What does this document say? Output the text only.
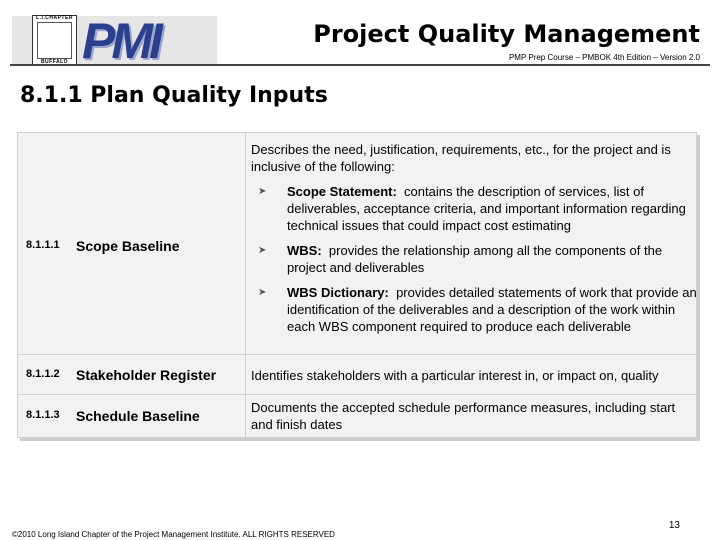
L.I.CHAPTER
BUFFALO PMI	Project Quality Management
PMP Prep Course – PMBOK 4th Edition – Version 2.0
8.1.1 Plan Quality Inputs
8.1.1.1 Scope Baseline
Describes the need, justification, requirements, etc., for the project and is inclusive of the following:
➤ Scope Statement: contains the description of services, list of deliverables, acceptance criteria, and important information regarding technical issues that could impact cost estimating
➤ WBS: provides the relationship among all the components of the project and deliverables
➤ WBS Dictionary: provides detailed statements of work that provide an identification of the deliverables and a description of the work within each WBS component required to produce each deliverable
8.1.1.2 Stakeholder Register	Identifies stakeholders with a particular interest in, or impact on, quality
8.1.1.3 Schedule Baseline
Documents the accepted schedule performance measures, including start and finish dates
©2010 Long Island Chapter of the Project Management Institute. ALL RIGHTS RESERVED
13
